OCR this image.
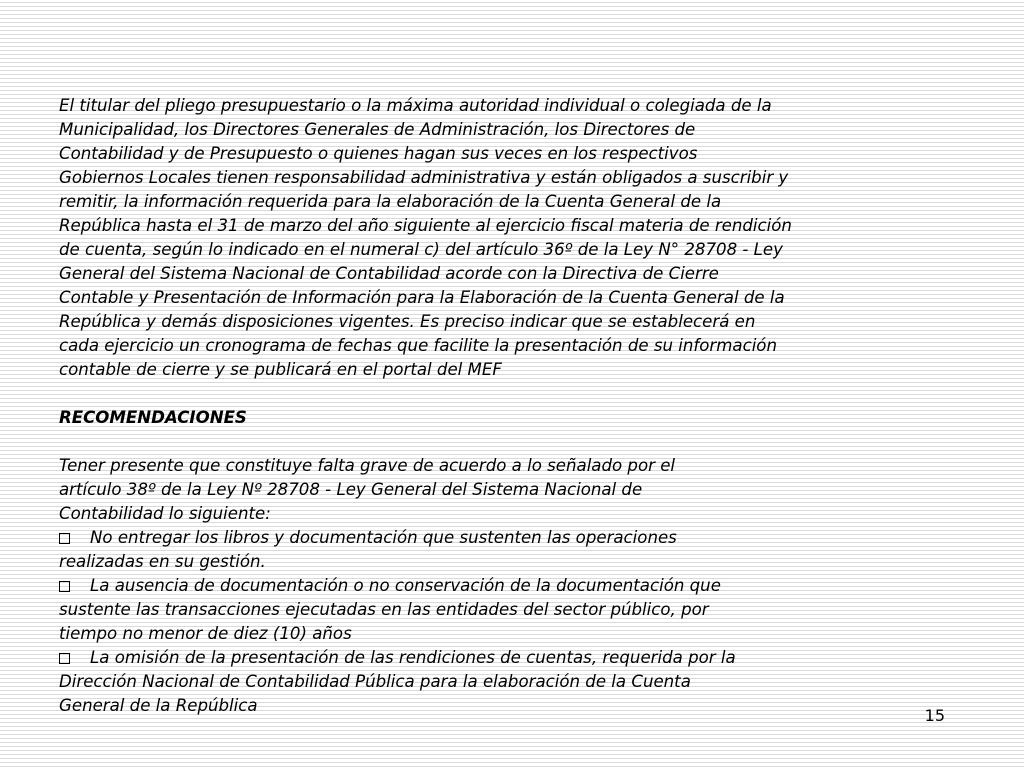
El titular del pliego presupuestario o la máxima autoridad individual o colegiada de la
Municipalidad, los Directores Generales de Administración, los Directores de
Contabilidad y de Presupuesto o quienes hagan sus veces en los respectivos
Gobiernos Locales tienen responsabilidad administrativa y están obligados a suscribir y
remitir, la información requerida para la elaboración de la Cuenta General de la
República hasta el 31 de marzo del año siguiente al ejercicio fiscal materia de rendición
de cuenta, según lo indicado en el numeral c) del artículo 36º de la Ley N° 28708 - Ley
General del Sistema Nacional de Contabilidad acorde con la Directiva de Cierre
Contable y Presentación de Información para la Elaboración de la Cuenta General de la
República y demás disposiciones vigentes. Es preciso indicar que se establecerá en
cada ejercicio un cronograma de fechas que facilite la presentación de su información
contable de cierre y se publicará en el portal del MEF
RECOMENDACIONES
Tener presente que constituye falta grave de acuerdo a lo señalado por el
artículo 38º de la Ley Nº 28708 - Ley General del Sistema Nacional de
Contabilidad lo siguiente:
No entregar los libros y documentación que sustenten las operaciones
realizadas en su gestión.
La ausencia de documentación o no conservación de la documentación que
sustente las transacciones ejecutadas en las entidades del sector público, por
tiempo no menor de diez (10) años
La omisión de la presentación de las rendiciones de cuentas, requerida por la
Dirección Nacional de Contabilidad Pública para la elaboración de la Cuenta
General de la República
15
